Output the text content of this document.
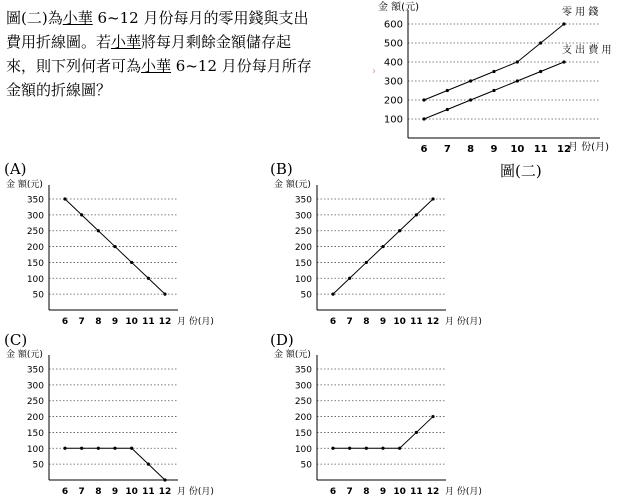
圖(二)為小華 6~12 月份每月的零用錢與支出

費用折線圖。若小華將每月剩餘金額儲存起

來，則下列何者可為小華 6~12 月份每月所存

金額的折線圖？

›
100
200
300
400
500
600
金 額(元)
月 份(月)
6 7 8 9 10 11 12
零 用 錢
支 出 費 用
圖(二)
(A)
50
100
150
200
250
300
350
金 額(元)
月 份(月)
6 7 8 9 10 11 12
(B)
50
100
150
200
250
300
350
金 額(元)
月 份(月)
6 7 8 9 10 11 12
(C)
50
100
150
200
250
300
350
金 額(元)
月 份(月)
6 7 8 9 10 11 12
(D)
50
100
150
200
250
300
350
金 額(元)
月 份(月)
6 7 8 9 10 11 12
